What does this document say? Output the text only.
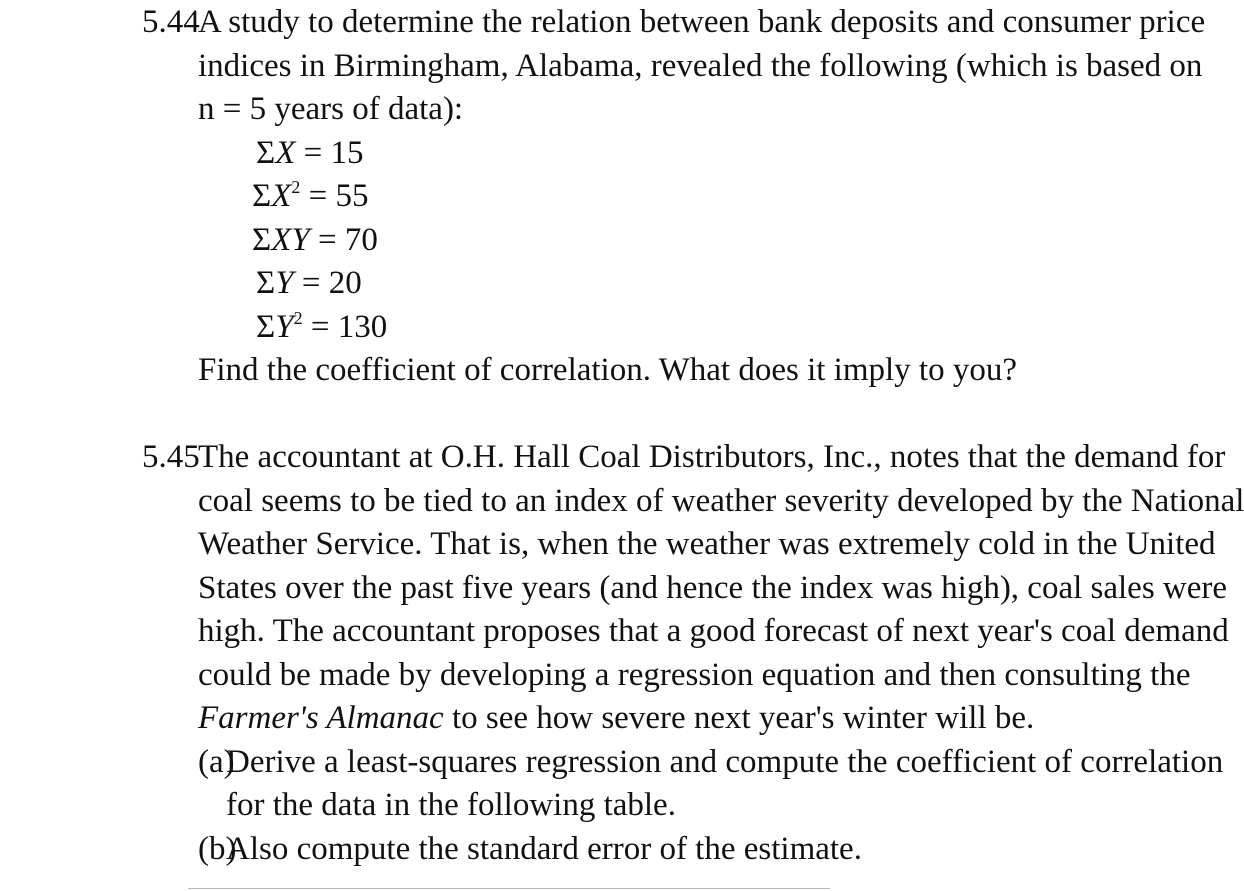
5.44
A study to determine the relation between bank deposits and consumer price
indices in Birmingham, Alabama, revealed the following (which is based on
n = 5 years of data):
ΣX = 15
$\Sigma X^2 = 55$
ΣXY = 70
ΣY = 20
$\Sigma Y^2 = 130$
Find the coefficient of correlation. What does it imply to you?
5.45
The accountant at O.H. Hall Coal Distributors, Inc., notes that the demand for
coal seems to be tied to an index of weather severity developed by the National
Weather Service. That is, when the weather was extremely cold in the United
States over the past five years (and hence the index was high), coal sales were
high. The accountant proposes that a good forecast of next year's coal demand
could be made by developing a regression equation and then consulting the
Farmer's Almanac to see how severe next year's winter will be.
(a)Derive a least-squares regression and compute the coefficient of correlation
for the data in the following table.
(b)Also compute the standard error of the estimate.
